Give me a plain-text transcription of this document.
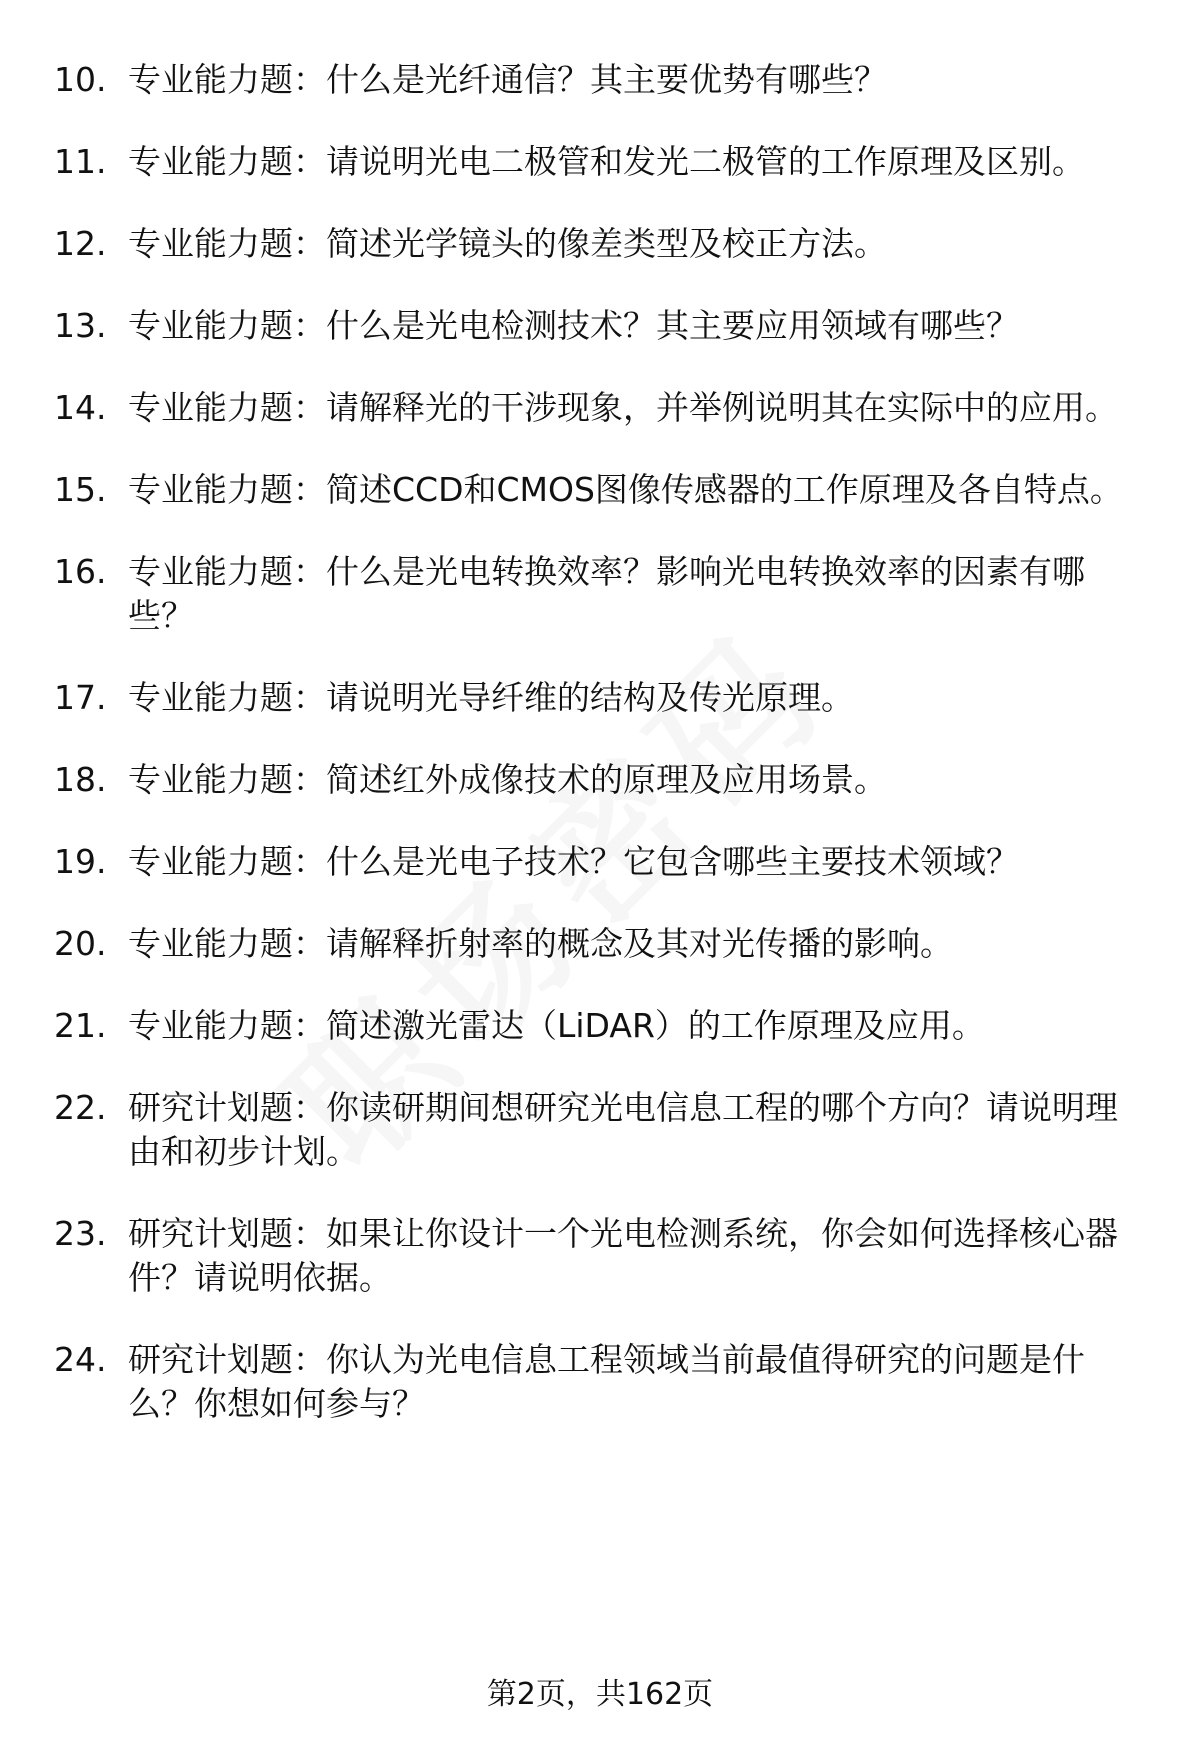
10. 专业能力题：什么是光纤通信？其主要优势有哪些？
11. 专业能力题：请说明光电二极管和发光二极管的工作原理及区别。
12. 专业能力题：简述光学镜头的像差类型及校正方法。
13. 专业能力题：什么是光电检测技术？其主要应用领域有哪些？
14. 专业能力题：请解释光的干涉现象，并举例说明其在实际中的应用。
15. 专业能力题：简述CCD和CMOS图像传感器的工作原理及各自特点。
16. 专业能力题：什么是光电转换效率？影响光电转换效率的因素有哪些？
17. 专业能力题：请说明光导纤维的结构及传光原理。
18. 专业能力题：简述红外成像技术的原理及应用场景。
19. 专业能力题：什么是光电子技术？它包含哪些主要技术领域？
20. 专业能力题：请解释折射率的概念及其对光传播的影响。
21. 专业能力题：简述激光雷达（LiDAR）的工作原理及应用。
22. 研究计划题：你读研期间想研究光电信息工程的哪个方向？请说明理由和初步计划。
23. 研究计划题：如果让你设计一个光电检测系统，你会如何选择核心器件？请说明依据。
24. 研究计划题：你认为光电信息工程领域当前最值得研究的问题是什么？你想如何参与？
第2页，共162页
